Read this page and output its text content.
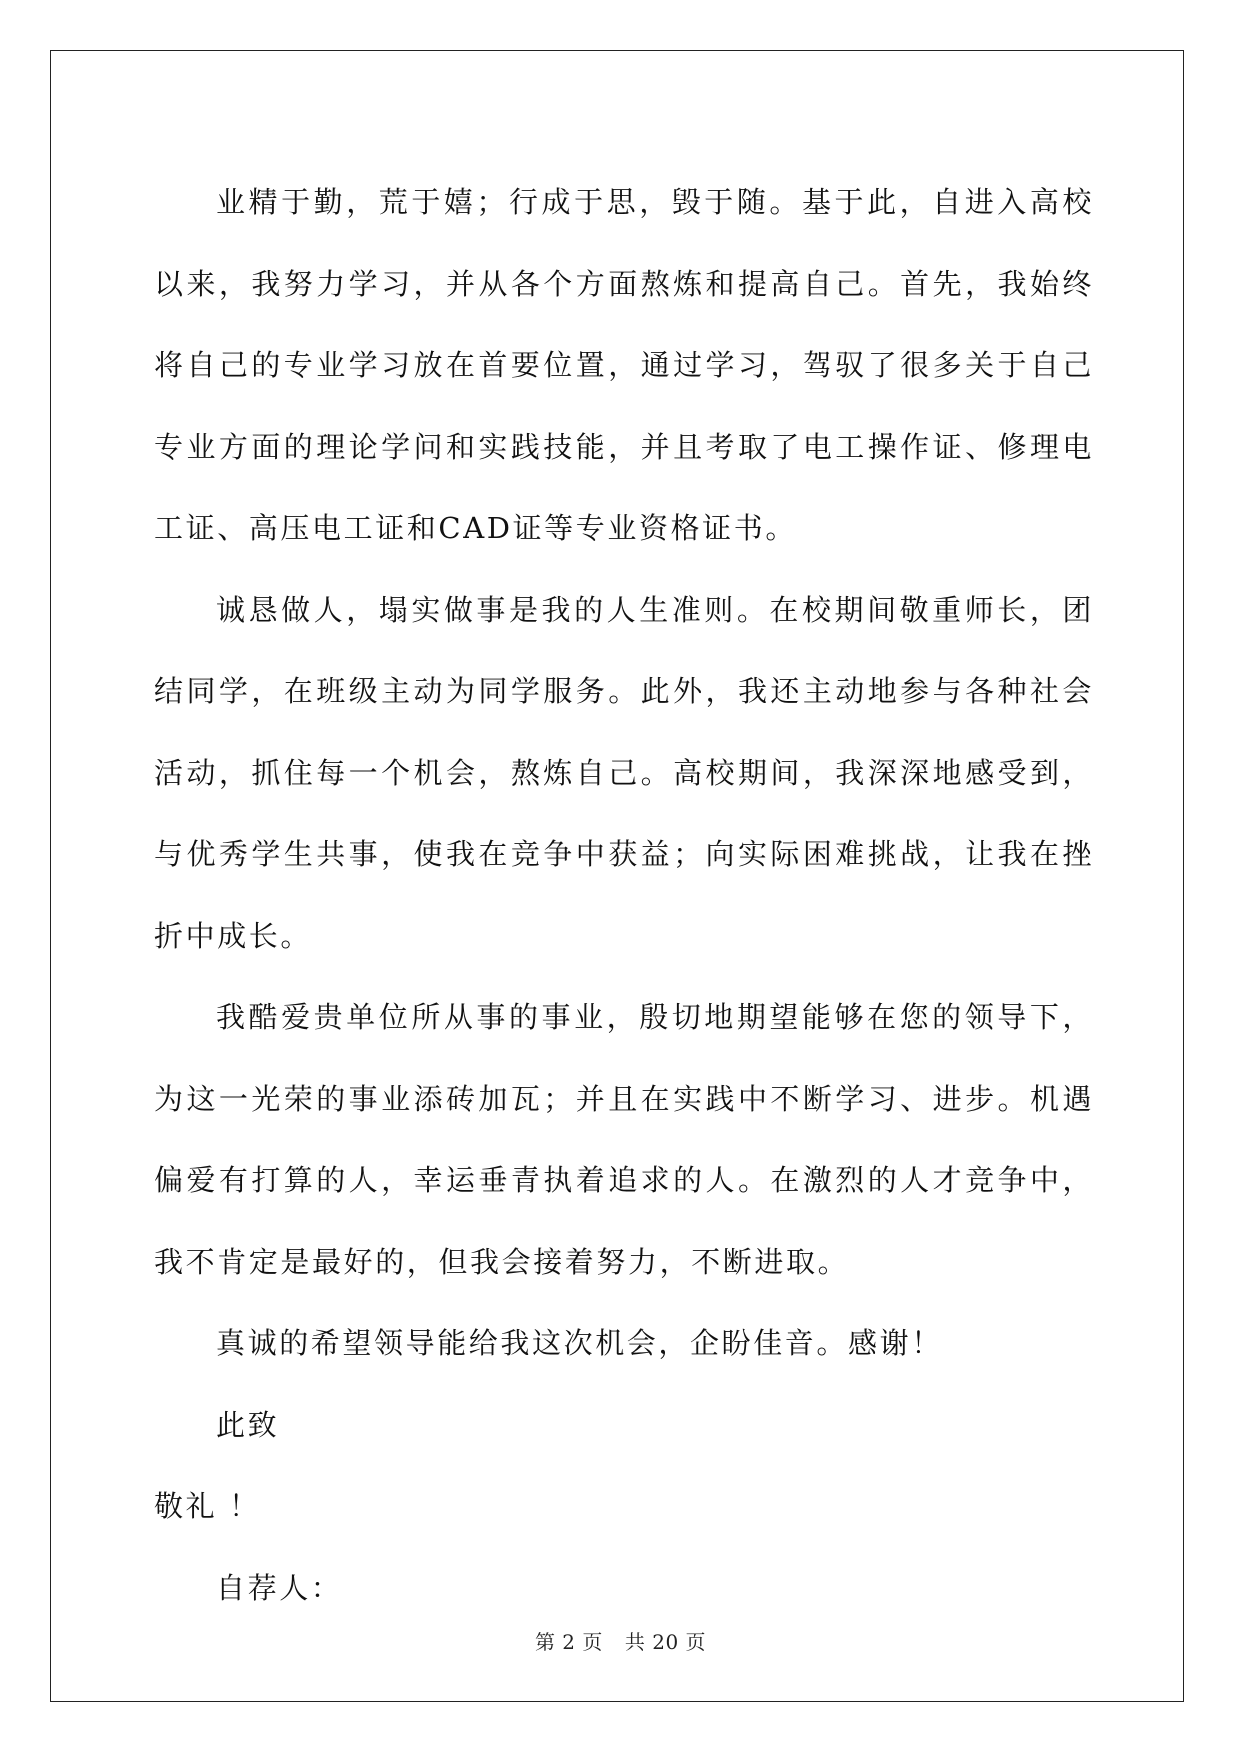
业精于勤，荒于嬉；行成于思，毁于随。基于此，自进入高校以来，我努力学习，并从各个方面熬炼和提高自己。首先，我始终将自己的专业学习放在首要位置，通过学习，驾驭了很多关于自己专业方面的理论学问和实践技能，并且考取了电工操作证、修理电工证、高压电工证和CAD证等专业资格证书。

诚恳做人，塌实做事是我的人生准则。在校期间敬重师长，团结同学，在班级主动为同学服务。此外，我还主动地参与各种社会活动，抓住每一个机会，熬炼自己。高校期间，我深深地感受到，与优秀学生共事，使我在竞争中获益；向实际困难挑战，让我在挫折中成长。

我酷爱贵单位所从事的事业，殷切地期望能够在您的领导下，为这一光荣的事业添砖加瓦；并且在实践中不断学习、进步。机遇偏爱有打算的人，幸运垂青执着追求的人。在激烈的人才竞争中，我不肯定是最好的，但我会接着努力，不断进取。

真诚的希望领导能给我这次机会，企盼佳音。感谢！

此致

敬礼 ！

自荐人：

第 2 页 共 20 页
